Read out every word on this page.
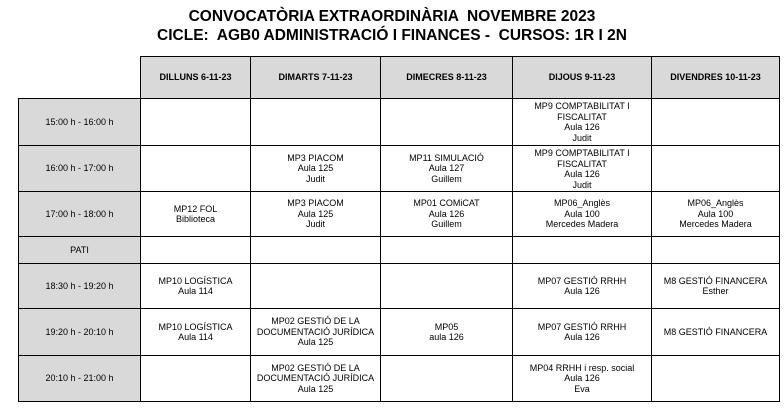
CONVOCATÒRIA EXTRAORDINÀRIA  NOVEMBRE 2023
CICLE:  AGB0 ADMINISTRACIÓ I FINANCES -  CURSOS: 1R I 2N
	DILLUNS 6-11-23	DIMARTS 7-11-23	DIMECRES 8-11-23	DIJOUS 9-11-23	DIVENDRES 10-11-23
15:00 h - 16:00 h				MP9 COMPTABILITAT I
FISCALITAT
Aula 126
Judit	

16:00 h - 17:00 h		MP3 PIACOM
Aula 125
Judit	MP11 SIMULACIÓ
Aula 127
Guillem	MP9 COMPTABILITAT I
FISCALITAT
Aula 126
Judit	

17:00 h - 18:00 h	MP12 FOL
Biblioteca	MP3 PIACOM
Aula 125
Judit	MP01 COMiCAT
Aula 126
Guillem	MP06_Anglès
Aula 100
Mercedes Madera	MP06_Anglès
Aula 100
Mercedes Madera

PATI					
18:30 h - 19:20 h	MP10 LOGÍSTICA
Aula 114			MP07 GESTIÓ RRHH
Aula 126	M8 GESTIÓ FINANCERA
Esther

19:20 h - 20:10 h	MP10 LOGÍSTICA
Aula 114	MP02 GESTIÓ DE LA
DOCUMENTACIÓ JURÍDICA
Aula 125	MP05
aula 126	MP07 GESTIÓ RRHH
Aula 126	M8 GESTIÓ FINANCERA

20:10 h - 21:00 h		MP02 GESTIÓ DE LA
DOCUMENTACIÓ JURÍDICA
Aula 125		MP04 RRHH i resp. social
Aula 126
Eva	
